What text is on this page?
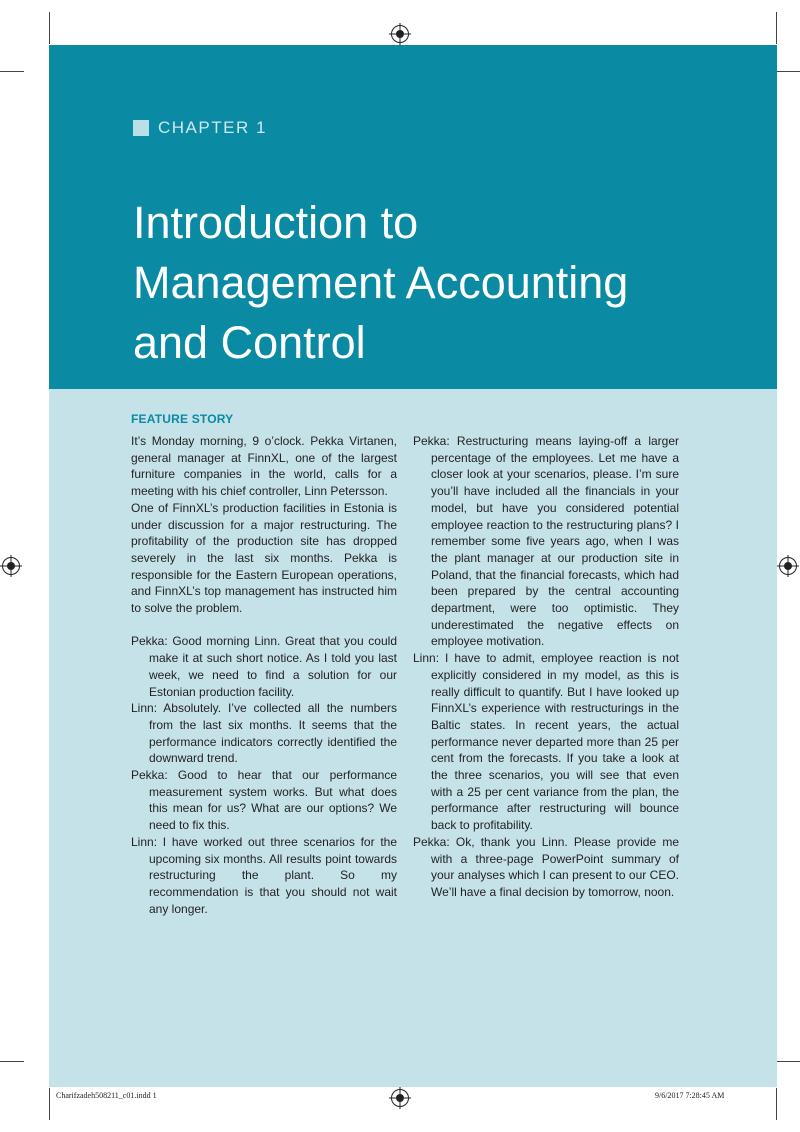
CHAPTER 1
Introduction to
Management Accounting
and Control
FEATURE STORY

It’s Monday morning, 9 o’clock. Pekka Virtanen, general manager at FinnXL, one of the largest furniture companies in the world, calls for a meeting with his chief controller, Linn Petersson.

One of FinnXL’s production facilities in Estonia is under discussion for a major restructuring. The profitability of the production site has dropped severely in the last six months. Pekka is responsible for the Eastern European operations, and FinnXL’s top management has instructed him to solve the problem.

Pekka: Good morning Linn. Great that you could make it at such short notice. As I told you last week, we need to find a solution for our Estonian production facility.

Linn: Absolutely. I’ve collected all the numbers from the last six months. It seems that the performance indicators correctly identified the downward trend.

Pekka: Good to hear that our performance measurement system works. But what does this mean for us? What are our options? We need to fix this.

Linn: I have worked out three scenarios for the upcoming six months. All results point towards restructuring the plant. So my recommendation is that you should not wait any longer.

Pekka: Restructuring means laying-off a larger percentage of the employees. Let me have a closer look at your scenarios, please. I’m sure you’ll have included all the financials in your model, but have you considered potential employee reaction to the restructuring plans? I remember some five years ago, when I was the plant manager at our production site in Poland, that the financial forecasts, which had been prepared by the central accounting department, were too optimistic. They underestimated the negative effects on employee motivation.

Linn: I have to admit, employee reaction is not explicitly considered in my model, as this is really difficult to quantify. But I have looked up FinnXL’s experience with restructurings in the Baltic states. In recent years, the actual performance never departed more than 25 per cent from the forecasts. If you take a look at the three scenarios, you will see that even with a 25 per cent variance from the plan, the performance after restructuring will bounce back to profitability.

Pekka: Ok, thank you Linn. Please provide me with a three-page PowerPoint summary of your analyses which I can present to our CEO. We’ll have a final decision by tomorrow, noon.

Charifzadeh508211_c01.indd 1	9/6/2017 7:28:45 AM
